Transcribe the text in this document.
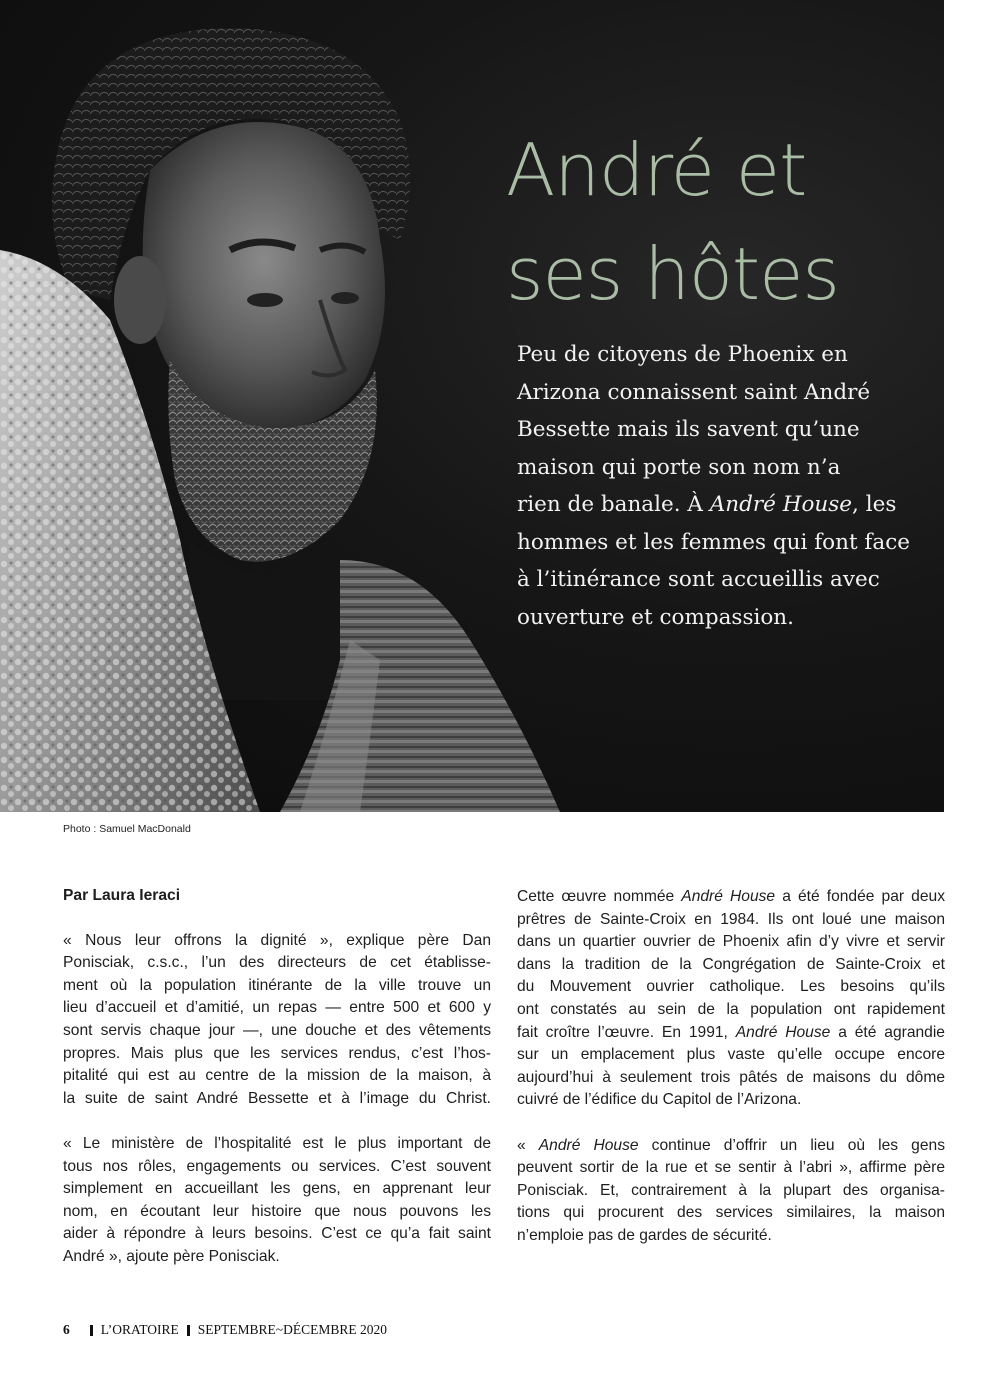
André et
ses hôtes

Peu de citoyens de Phoenix en
Arizona connaissent saint André
Bessette mais ils savent qu’une
maison qui porte son nom n’a
rien de banale. À André House, les
hommes et les femmes qui font face
à l’itinérance sont accueillis avec
ouverture et compassion.

Photo : Samuel MacDonald

Par Laura Ieraci

« Nous leur offrons la dignité », explique père Dan
Ponisciak, c.s.c., l’un des directeurs de cet établisse-
ment où la population itinérante de la ville trouve un
lieu d’accueil et d’amitié, un repas — entre 500 et 600 y
sont servis chaque jour —, une douche et des vêtements
propres. Mais plus que les services rendus, c’est l’hos-
pitalité qui est au centre de la mission de la maison, à
la suite de saint André Bessette et à l’image du Christ.

« Le ministère de l’hospitalité est le plus important de
tous nos rôles, engagements ou services. C’est souvent
simplement en accueillant les gens, en apprenant leur
nom, en écoutant leur histoire que nous pouvons les
aider à répondre à leurs besoins. C’est ce qu’a fait saint
André », ajoute père Ponisciak.

Cette œuvre nommée André House a été fondée par deux
prêtres de Sainte-Croix en 1984. Ils ont loué une maison
dans un quartier ouvrier de Phoenix afin d’y vivre et servir
dans la tradition de la Congrégation de Sainte-Croix et
du Mouvement ouvrier catholique. Les besoins qu’ils
ont constatés au sein de la population ont rapidement
fait croître l’œuvre. En 1991, André House a été agrandie
sur un emplacement plus vaste qu’elle occupe encore
aujourd’hui à seulement trois pâtés de maisons du dôme
cuivré de l’édifice du Capitol de l’Arizona.

« André House continue d’offrir un lieu où les gens
peuvent sortir de la rue et se sentir à l’abri », affirme père
Ponisciak. Et, contrairement à la plupart des organisa-
tions qui procurent des services similaires, la maison
n’emploie pas de gardes de sécurité.

6 L’ORATOIRE SEPTEMBRE~DÉCEMBRE 2020
